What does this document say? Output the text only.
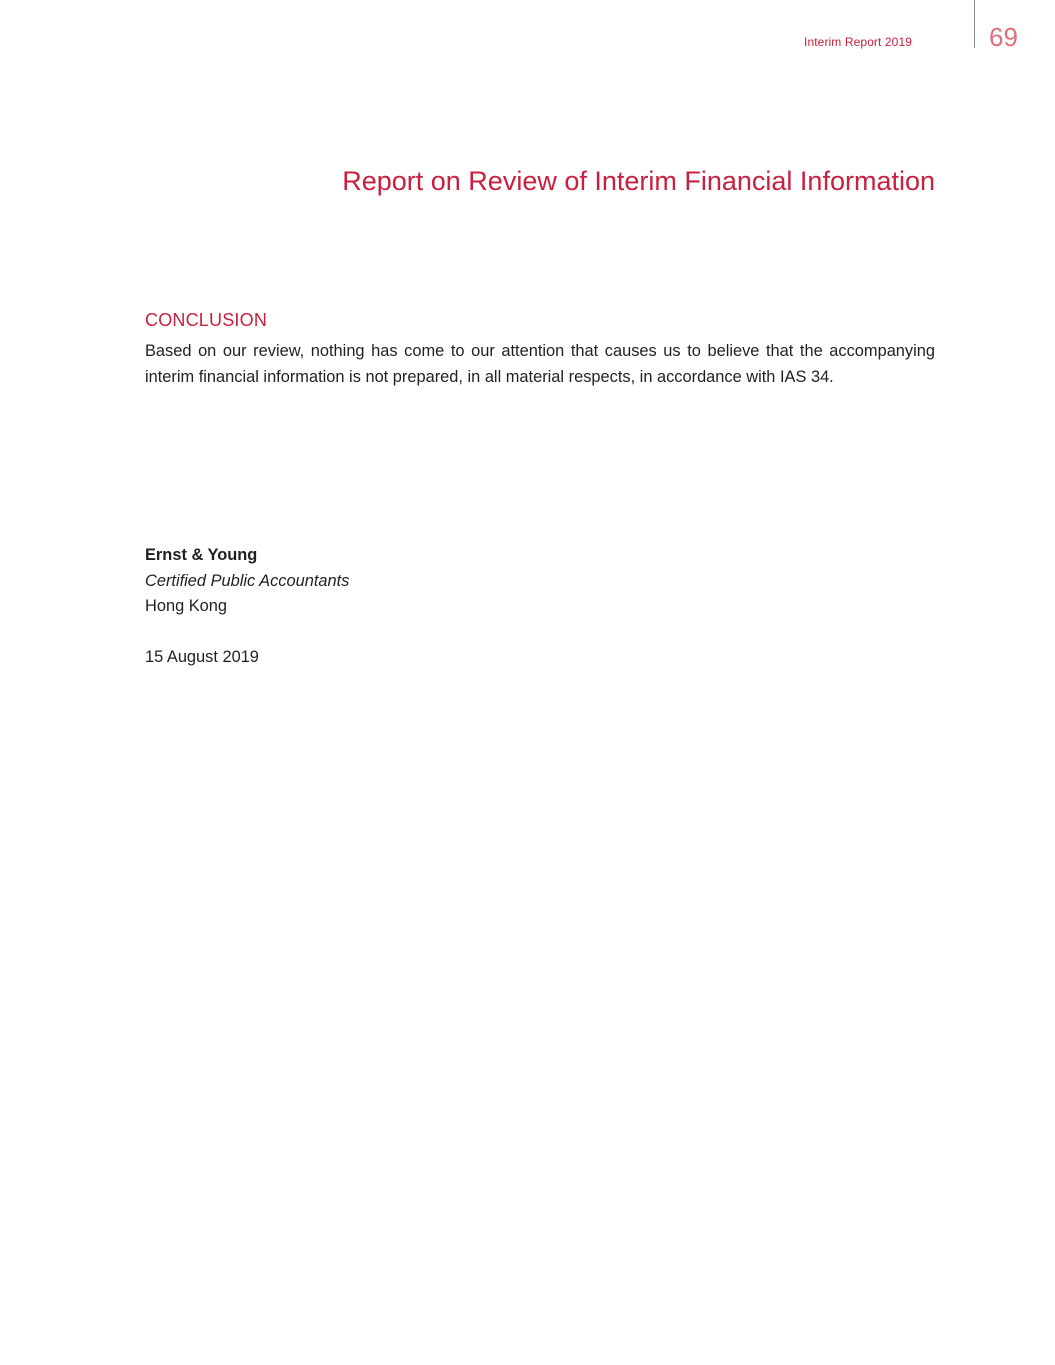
Interim Report 2019	69
Report on Review of Interim Financial Information
CONCLUSION

Based on our review, nothing has come to our attention that causes us to believe that the accompanying interim financial information is not prepared, in all material respects, in accordance with IAS 34.

Ernst & Young
Certified Public Accountants
Hong Kong
15 August 2019
